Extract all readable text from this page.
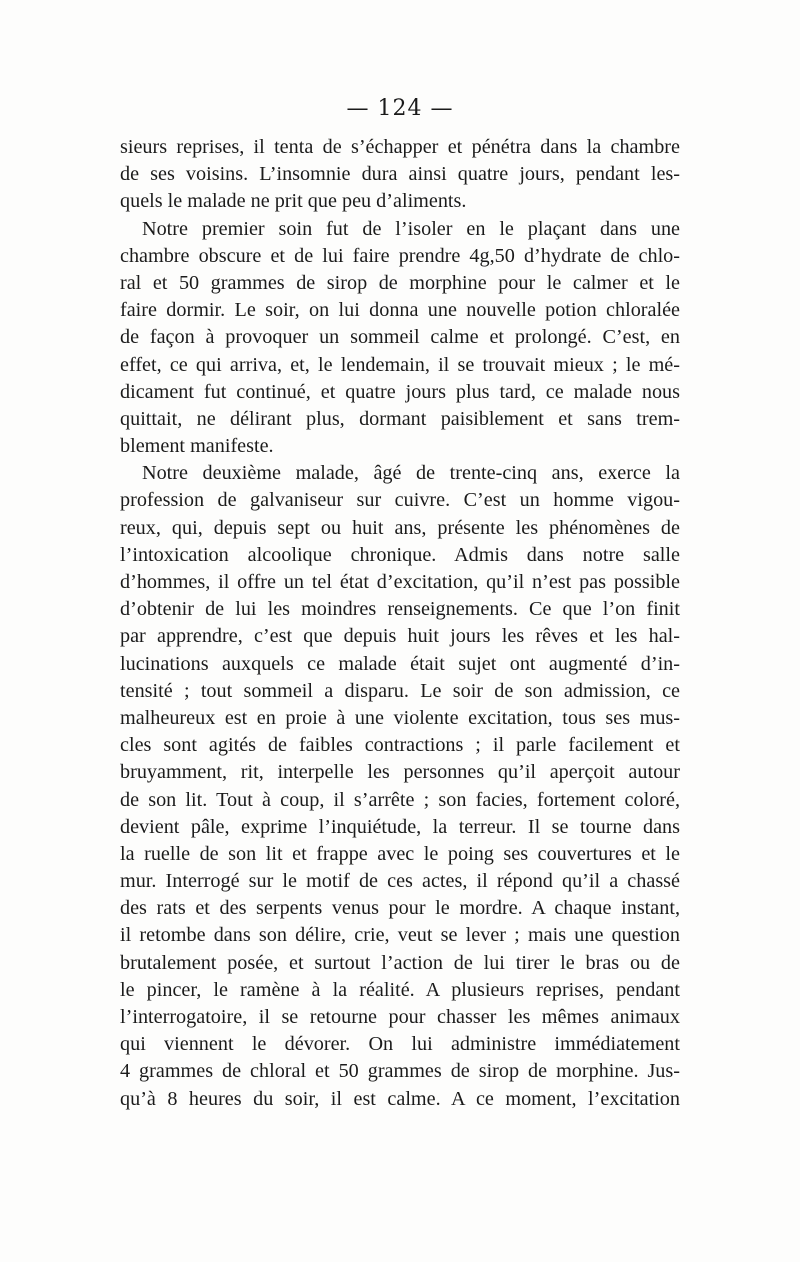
— 124 —
sieurs reprises, il tenta de s’échapper et pénétra dans la chambre
de ses voisins. L’insomnie dura ainsi quatre jours, pendant les-
quels le malade ne prit que peu d’aliments.
Notre premier soin fut de l’isoler en le plaçant dans une
chambre obscure et de lui faire prendre 4g,50 d’hydrate de chlo-
ral et 50 grammes de sirop de morphine pour le calmer et le
faire dormir. Le soir, on lui donna une nouvelle potion chloralée
de façon à provoquer un sommeil calme et prolongé. C’est, en
effet, ce qui arriva, et, le lendemain, il se trouvait mieux ; le mé-
dicament fut continué, et quatre jours plus tard, ce malade nous
quittait, ne délirant plus, dormant paisiblement et sans trem-
blement manifeste.
Notre deuxième malade, âgé de trente-cinq ans, exerce la
profession de galvaniseur sur cuivre. C’est un homme vigou-
reux, qui, depuis sept ou huit ans, présente les phénomènes de
l’intoxication alcoolique chronique. Admis dans notre salle
d’hommes, il offre un tel état d’excitation, qu’il n’est pas possible
d’obtenir de lui les moindres renseignements. Ce que l’on finit
par apprendre, c’est que depuis huit jours les rêves et les hal-
lucinations auxquels ce malade était sujet ont augmenté d’in-
tensité ; tout sommeil a disparu. Le soir de son admission, ce
malheureux est en proie à une violente excitation, tous ses mus-
cles sont agités de faibles contractions ; il parle facilement et
bruyamment, rit, interpelle les personnes qu’il aperçoit autour
de son lit. Tout à coup, il s’arrête ; son facies, fortement coloré,
devient pâle, exprime l’inquiétude, la terreur. Il se tourne dans
la ruelle de son lit et frappe avec le poing ses couvertures et le
mur. Interrogé sur le motif de ces actes, il répond qu’il a chassé
des rats et des serpents venus pour le mordre. A chaque instant,
il retombe dans son délire, crie, veut se lever ; mais une question
brutalement posée, et surtout l’action de lui tirer le bras ou de
le pincer, le ramène à la réalité. A plusieurs reprises, pendant
l’interrogatoire, il se retourne pour chasser les mêmes animaux
qui viennent le dévorer. On lui administre immédiatement
4 grammes de chloral et 50 grammes de sirop de morphine. Jus-
qu’à 8 heures du soir, il est calme. A ce moment, l’excitation
